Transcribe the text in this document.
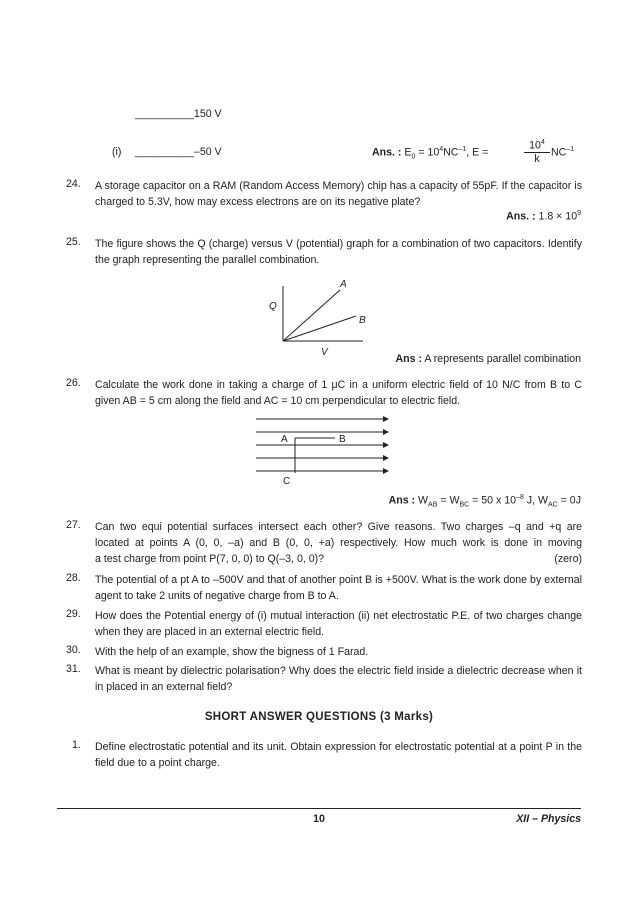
__________150 V
(i) __________–50 V	Ans. : $E_0 = 10^4NC^{-1}$, E =	$\frac{10^4}{k} NC^{-1}$
24. A storage capacitor on a RAM (Random Access Memory) chip has a capacity of 55pF. If the capacitor is charged to 5.3V, how may excess electrons are on its negative plate?
Ans. : $1.8 \times 10^9$
25. The figure shows the Q (charge) versus V (potential) graph for a combination of two capacitors. Identify the graph representing the parallel combination.
A
B
Q
V
Ans : A represents parallel combination
26. Calculate the work done in taking a charge of 1 μC in a uniform electric field of 10 N/C from B to C given AB = 5 cm along the field and AC = 10 cm perpendicular to electric field.
A	B
C
Ans : $W_{AB} = W_{BC} = 50$ x $10^{-8}$ J, $W_{AC} = 0J$
27. Can two equi potential surfaces intersect each other? Give reasons. Two charges –q and +q are
located at points A (0, 0, –a) and B (0, 0, +a) respectively. How much work is done in moving
a test charge from point P(7, 0, 0) to Q(–3, 0, 0)?	(zero)
28. The potential of a pt A to –500V and that of another point B is +500V. What is the work done by external agent to take 2 units of negative charge from B to A.
29. How does the Potential energy of (i) mutual interaction (ii) net electrostatic P.E. of two charges change when they are placed in an external electric field.
30. With the help of an example, show the bigness of 1 Farad.
31. What is meant by dielectric polarisation? Why does the electric field inside a dielectric decrease when it in placed in an external field?
SHORT ANSWER QUESTIONS (3 Marks)
1. Define electrostatic potential and its unit. Obtain expression for electrostatic potential at a point P in the field due to a point charge.
10	XII – Physics
